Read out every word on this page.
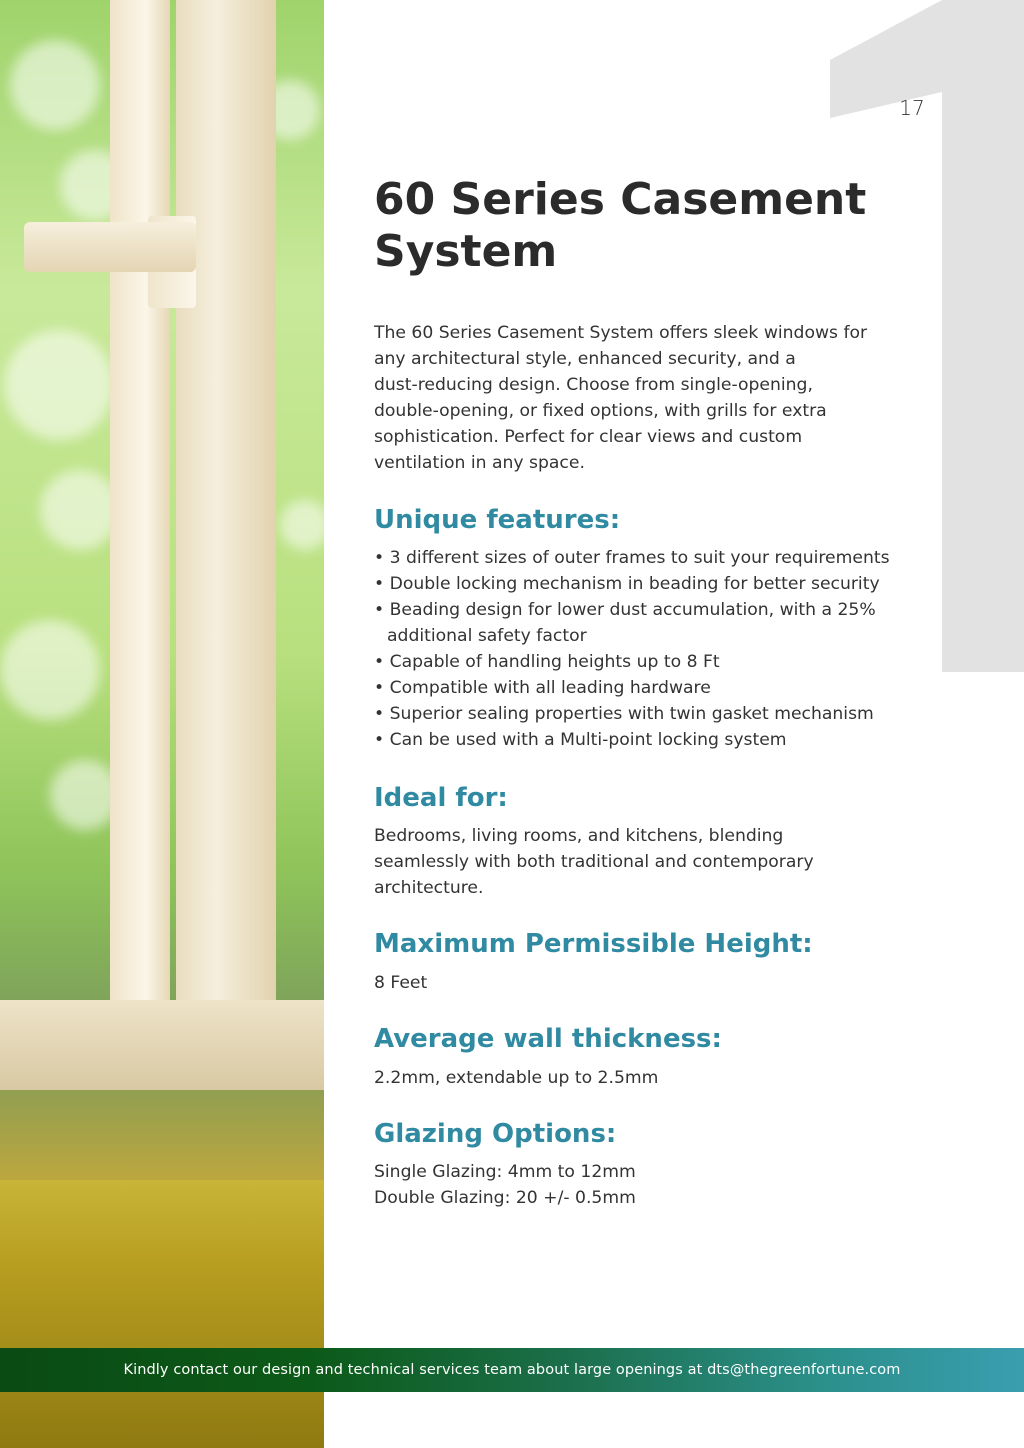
17
60 Series Casement
System

The 60 Series Casement System offers sleek windows for
any architectural style, enhanced security, and a
dust-reducing design. Choose from single-opening,
double-opening, or fixed options, with grills for extra
sophistication. Perfect for clear views and custom
ventilation in any space.

Unique features:
• 3 different sizes of outer frames to suit your requirements
• Double locking mechanism in beading for better security
• Beading design for lower dust accumulation, with a 25% additional safety factor
• Capable of handling heights up to 8 Ft
• Compatible with all leading hardware
• Superior sealing properties with twin gasket mechanism
• Can be used with a Multi-point locking system
Ideal for:

Bedrooms, living rooms, and kitchens, blending
seamlessly with both traditional and contemporary
architecture.

Maximum Permissible Height:

8 Feet

Average wall thickness:

2.2mm, extendable up to 2.5mm

Glazing Options:

Single Glazing: 4mm to 12mm
Double Glazing: 20 +/- 0.5mm

Kindly contact our design and technical services team about large openings at dts@thegreenfortune.com
